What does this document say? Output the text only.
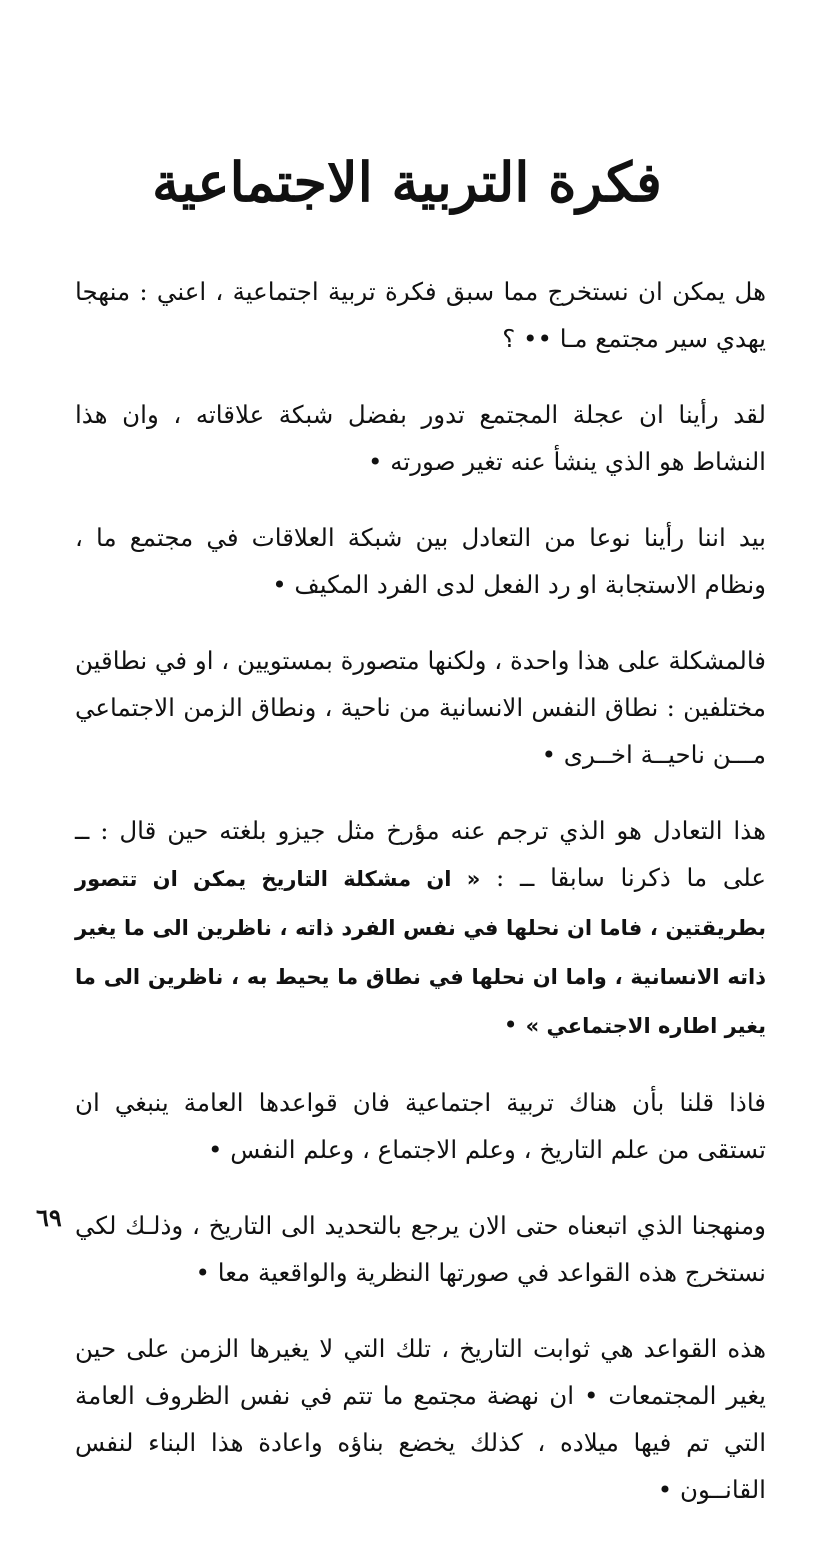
فكرة التربية الاجتماعية

هل يمكن ان نستخرج مما سبق فكرة تربية اجتماعية ، اعني : منهجا يهدي سير مجتمع مـا •• ؟

لقد رأينا ان عجلة المجتمع تدور بفضل شبكة علاقاته ، وان هذا النشاط هو الذي ينشأ عنه تغير صورته •

بيد اننا رأينا نوعا من التعادل بين شبكة العلاقات في مجتمع ما ، ونظام الاستجابة او رد الفعل لدى الفرد المكيف •

فالمشكلة على هذا واحدة ، ولكنها متصورة بمستويين ، او في نطاقين مختلفين : نطاق النفس الانسانية من ناحية ، ونطاق الزمن الاجتماعي مـــن ناحيــة اخــرى •

هذا التعادل هو الذي ترجم عنه مؤرخ مثل جيزو بلغته حين قال : ــ على ما ذكرنا سابقا ــ : « ان مشكلة التاريخ يمكن ان تتصور بطريقتين ، فاما ان نحلها في نفس الفرد ذاته ، ناظرين الى ما يغير ذاته الانسانية ، واما ان نحلها في نطاق ما يحيط به ، ناظرين الى ما يغير اطاره الاجتماعي » •

فاذا قلنا بأن هناك تربية اجتماعية فان قواعدها العامة ينبغي ان تستقى من علم التاريخ ، وعلم الاجتماع ، وعلم النفس •

ومنهجنا الذي اتبعناه حتى الان يرجع بالتحديد الى التاريخ ، وذلـك لكي نستخرج هذه القواعد في صورتها النظرية والواقعية معا •

هذه القواعد هي ثوابت التاريخ ، تلك التي لا يغيرها الزمن على حين يغير المجتمعات • ان نهضة مجتمع ما تتم في نفس الظروف العامة التي تم فيها ميلاده ، كذلك يخضع بناؤه واعادة هذا البناء لنفس القانــون •

٦٩
